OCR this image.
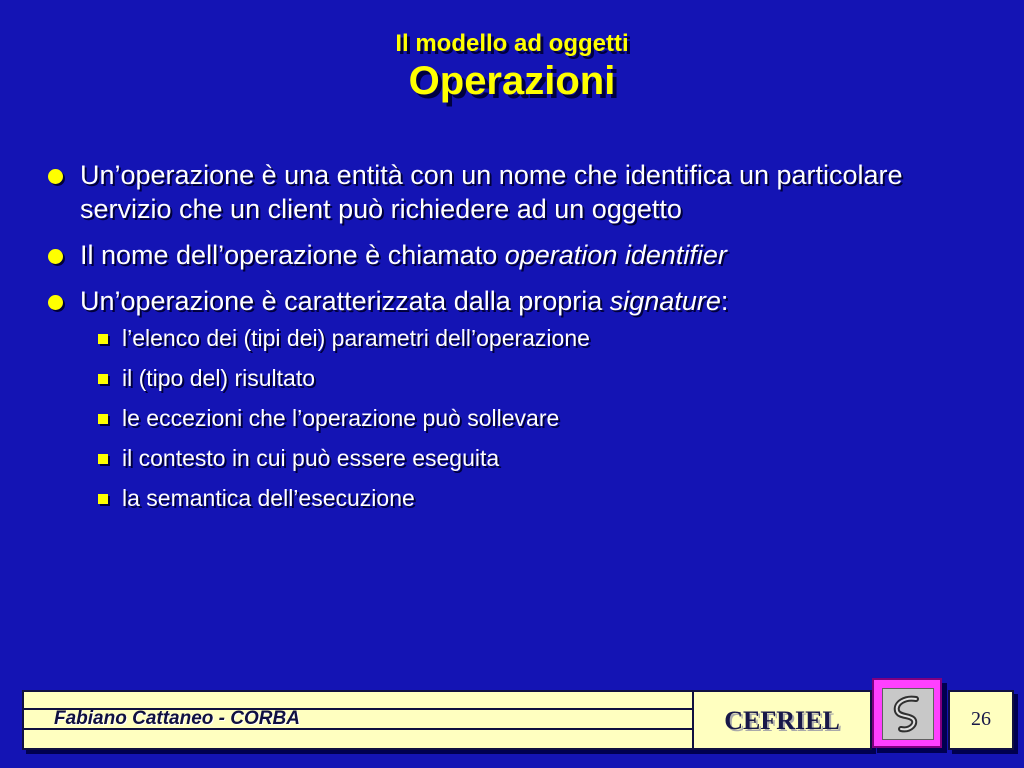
Il modello ad oggetti
Operazioni
Un’operazione è una entità con un nome che identifica un particolare servizio che un client può richiedere ad un oggetto
Il nome dell’operazione è chiamato operation identifier
Un’operazione è caratterizzata dalla propria signature:
l’elenco dei (tipi dei) parametri dell’operazione
il (tipo del) risultato
le eccezioni che l’operazione può sollevare
il contesto in cui può essere eseguita
la semantica dell’esecuzione
Fabiano Cattaneo - CORBA	CEFRIEL	26
